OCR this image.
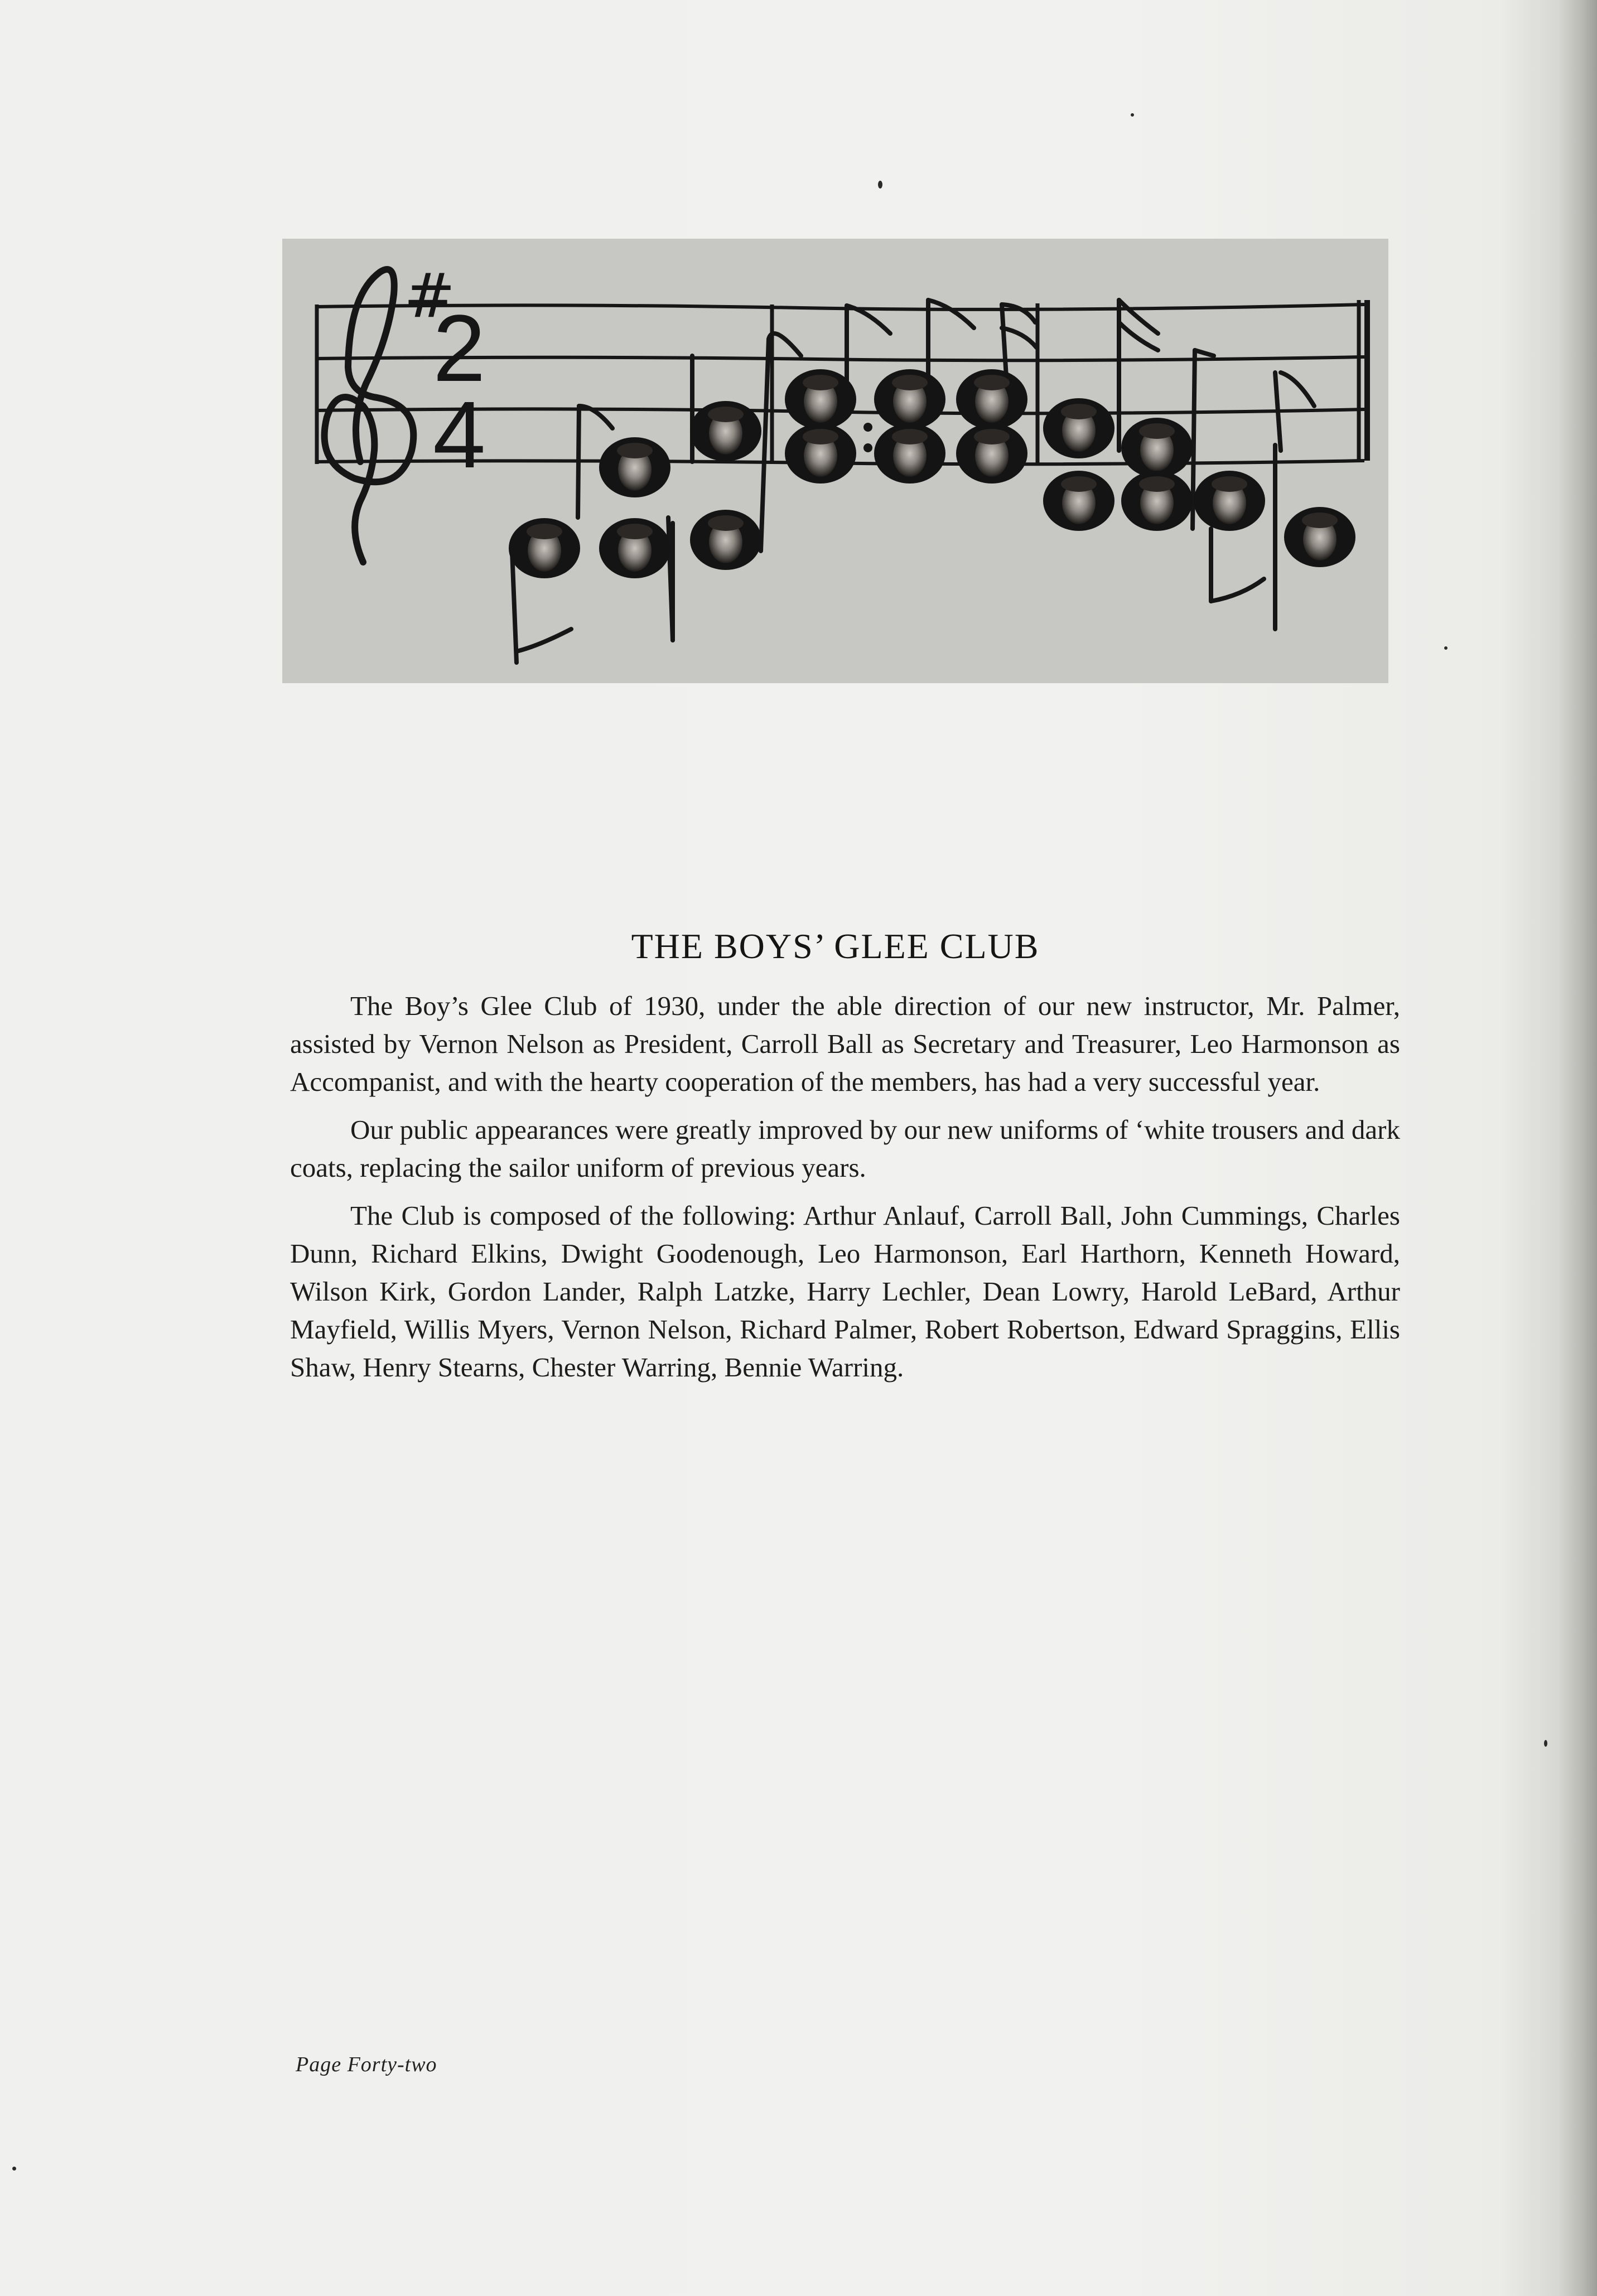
#
2
4
THE BOYS’ GLEE CLUB

The Boy’s Glee Club of 1930, under the able direction of our new instructor, Mr. Palmer, assisted by Vernon Nelson as President, Carroll Ball as Secretary and Treasurer, Leo Harmonson as Accompanist, and with the hearty cooperation of the members, has had a very successful year.

Our public appearances were greatly improved by our new uniforms of ‘white trousers and dark coats, replacing the sailor uniform of previous years.

The Club is composed of the following: Arthur Anlauf, Carroll Ball, John Cummings, Charles Dunn, Richard Elkins, Dwight Goodenough, Leo Harmonson, Earl Harthorn, Kenneth Howard, Wilson Kirk, Gordon Lander, Ralph Latzke, Harry Lechler, Dean Lowry, Harold LeBard, Arthur Mayfield, Willis Myers, Vernon Nelson, Richard Palmer, Robert Robertson, Edward Spraggins, Ellis Shaw, Henry Stearns, Chester Warring, Bennie Warring.

Page Forty-two
